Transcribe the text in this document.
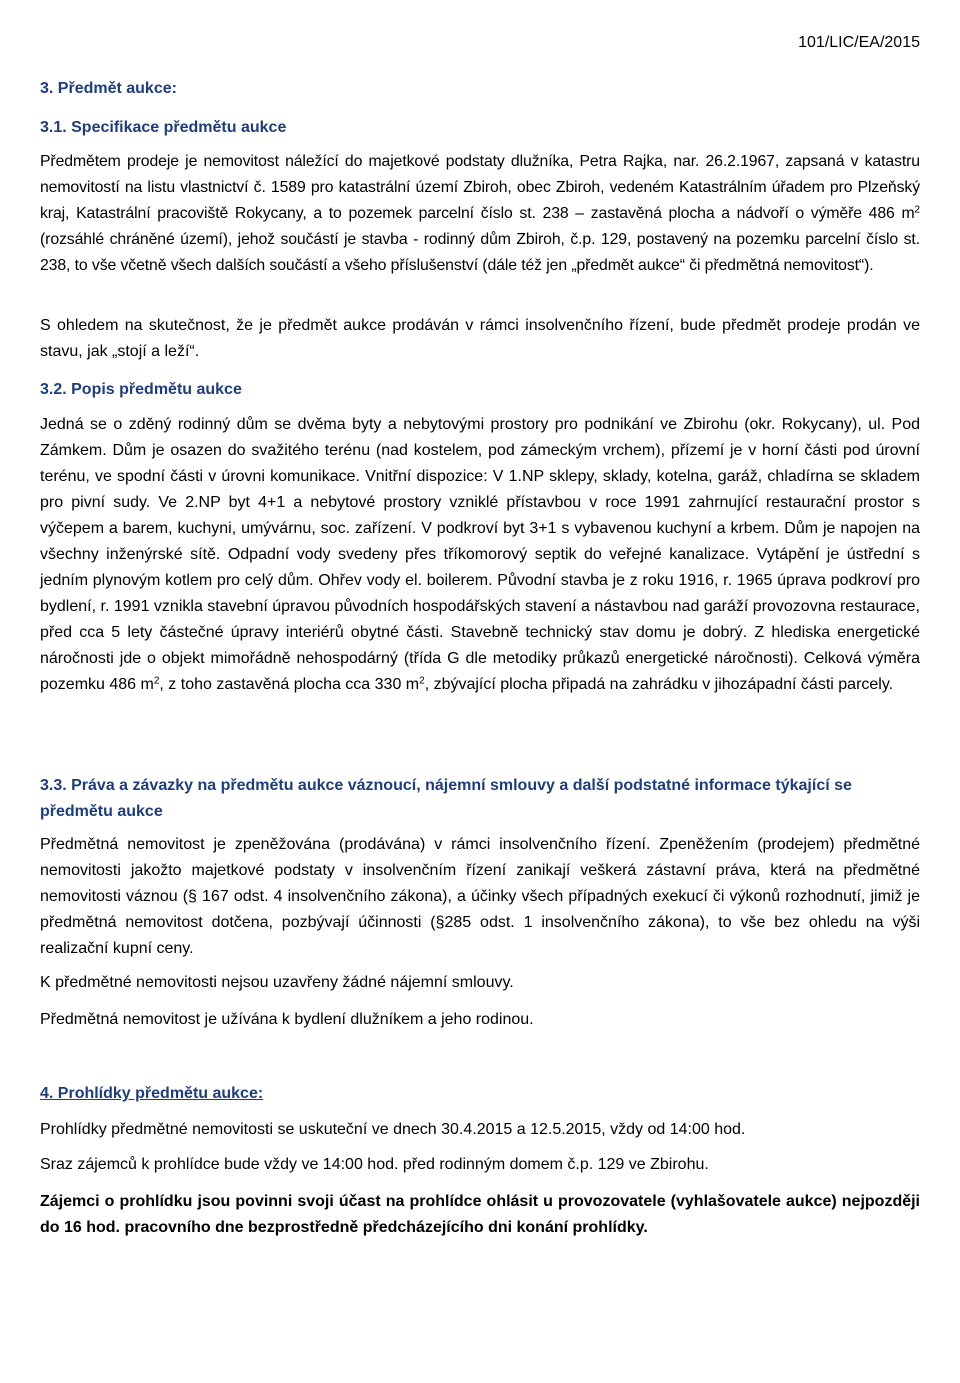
101/LIC/EA/2015
3. Předmět aukce:
3.1. Specifikace předmětu aukce

Předmětem prodeje je nemovitost náležící do majetkové podstaty dlužníka, Petra Rajka, nar. 26.2.1967, zapsaná v katastru nemovitostí na listu vlastnictví č. 1589 pro katastrální území Zbiroh, obec Zbiroh, vedeném Katastrálním úřadem pro Plzeňský kraj, Katastrální pracoviště Rokycany, a to pozemek parcelní číslo st. 238 – zastavěná plocha a nádvoří o výměře 486 $m^2$ (rozsáhlé chráněné území), jehož součástí je stavba - rodinný dům Zbiroh, č.p. 129, postavený na pozemku parcelní číslo st. 238, to vše včetně všech dalších součástí a všeho příslušenství (dále též jen „předmět aukce“ či předmětná nemovitost“).

S ohledem na skutečnost, že je předmět aukce prodáván v rámci insolvenčního řízení, bude předmět prodeje prodán ve stavu, jak „stojí a leží“.

3.2. Popis předmětu aukce

Jedná se o zděný rodinný dům se dvěma byty a nebytovými prostory pro podnikání ve Zbirohu (okr. Rokycany), ul. Pod Zámkem. Dům je osazen do svažitého terénu (nad kostelem, pod zámeckým vrchem), přízemí je v horní části pod úrovní terénu, ve spodní části v úrovni komunikace. Vnitřní dispozice: V 1.NP sklepy, sklady, kotelna, garáž, chladírna se skladem pro pivní sudy. Ve 2.NP byt 4+1 a nebytové prostory vzniklé přístavbou v roce 1991 zahrnující restaurační prostor s výčepem a barem, kuchyni, umývárnu, soc. zařízení. V podkroví byt 3+1 s vybavenou kuchyní a krbem. Dům je napojen na všechny inženýrské sítě. Odpadní vody svedeny přes tříkomorový septik do veřejné kanalizace. Vytápění je ústřední s jedním plynovým kotlem pro celý dům. Ohřev vody el. boilerem. Původní stavba je z roku 1916, r. 1965 úprava podkroví pro bydlení, r. 1991 vznikla stavební úpravou původních hospodářských stavení a nástavbou nad garáží provozovna restaurace, před cca 5 lety částečné úpravy interiérů obytné části. Stavebně technický stav domu je dobrý. Z hlediska energetické náročnosti jde o objekt mimořádně nehospodárný (třída G dle metodiky průkazů energetické náročnosti). Celková výměra pozemku 486 $m^2$, z toho zastavěná plocha cca 330 $m^2$, zbývající plocha připadá na zahrádku v jihozápadní části parcely.

3.3. Práva a závazky na předmětu aukce váznoucí, nájemní smlouvy a další podstatné informace týkající se předmětu aukce

Předmětná nemovitost je zpeněžována (prodávána) v rámci insolvenčního řízení. Zpeněžením (prodejem) předmětné nemovitosti jakožto majetkové podstaty v insolvenčním řízení zanikají veškerá zástavní práva, která na předmětné nemovitosti váznou (§ 167 odst. 4 insolvenčního zákona), a účinky všech případných exekucí či výkonů rozhodnutí, jimiž je předmětná nemovitost dotčena, pozbývají účinnosti (§285 odst. 1 insolvenčního zákona), to vše bez ohledu na výši realizační kupní ceny.

K předmětné nemovitosti nejsou uzavřeny žádné nájemní smlouvy.

Předmětná nemovitost je užívána k bydlení dlužníkem a jeho rodinou.

4. Prohlídky předmětu aukce:

Prohlídky předmětné nemovitosti se uskuteční ve dnech 30.4.2015 a 12.5.2015, vždy od 14:00 hod.

Sraz zájemců k prohlídce bude vždy ve 14:00 hod. před rodinným domem č.p. 129 ve Zbirohu.

Zájemci o prohlídku jsou povinni svoji účast na prohlídce ohlásit u provozovatele (vyhlašovatele aukce) nejpozději do 16 hod. pracovního dne bezprostředně předcházejícího dni konání prohlídky.
